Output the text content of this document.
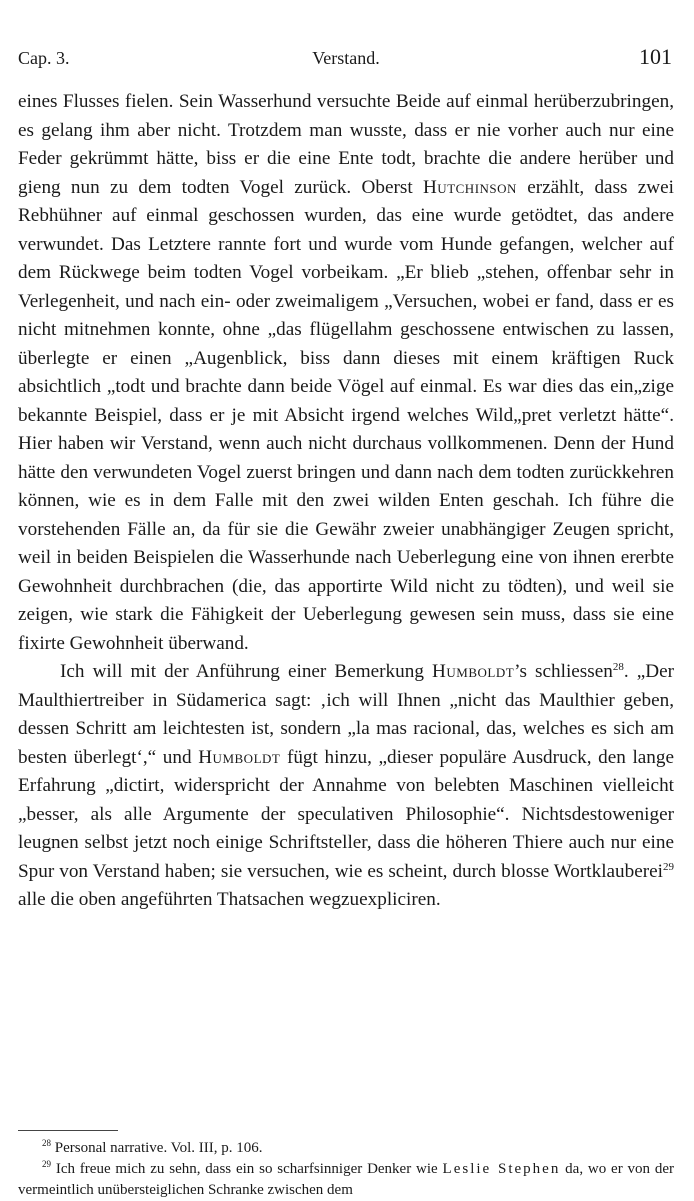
Cap. 3.	Verstand.	101

eines Flusses fielen. Sein Wasserhund versuchte Beide auf einmal herüberzubringen, es gelang ihm aber nicht. Trotzdem man wusste, dass er nie vorher auch nur eine Feder gekrümmt hätte, biss er die eine Ente todt, brachte die andere herüber und gieng nun zu dem todten Vogel zurück. Oberst Hutchinson erzählt, dass zwei Rebhühner auf einmal geschossen wurden, das eine wurde getödtet, das andere verwundet. Das Letztere rannte fort und wurde vom Hunde gefangen, welcher auf dem Rückwege beim todten Vogel vorbeikam. „Er blieb „stehen, offenbar sehr in Verlegenheit, und nach ein- oder zweimaligem „Versuchen, wobei er fand, dass er es nicht mitnehmen konnte, ohne „das flügellahm geschossene entwischen zu lassen, überlegte er einen „Augenblick, biss dann dieses mit einem kräftigen Ruck absichtlich „todt und brachte dann beide Vögel auf einmal. Es war dies das ein„zige bekannte Beispiel, dass er je mit Absicht irgend welches Wild„pret verletzt hätte“. Hier haben wir Verstand, wenn auch nicht durchaus vollkommenen. Denn der Hund hätte den verwundeten Vogel zuerst bringen und dann nach dem todten zurückkehren können, wie es in dem Falle mit den zwei wilden Enten geschah. Ich führe die vorstehenden Fälle an, da für sie die Gewähr zweier unabhängiger Zeugen spricht, weil in beiden Beispielen die Wasserhunde nach Ueberlegung eine von ihnen ererbte Gewohnheit durchbrachen (die, das apportirte Wild nicht zu tödten), und weil sie zeigen, wie stark die Fähigkeit der Ueberlegung gewesen sein muss, dass sie eine fixirte Gewohnheit überwand.

Ich will mit der Anführung einer Bemerkung Humboldt’s schliessen$^{28}$. „Der Maulthiertreiber in Südamerica sagt: ‚ich will Ihnen „nicht das Maulthier geben, dessen Schritt am leichtesten ist, sondern „la mas racional, das, welches es sich am besten überlegt‘,“ und Humboldt fügt hinzu, „dieser populäre Ausdruck, den lange Erfahrung „dictirt, widerspricht der Annahme von belebten Maschinen vielleicht „besser, als alle Argumente der speculativen Philosophie“. Nichtsdestoweniger leugnen selbst jetzt noch einige Schriftsteller, dass die höheren Thiere auch nur eine Spur von Verstand haben; sie versuchen, wie es scheint, durch blosse Wortklauberei$^{29}$ alle die oben angeführten Thatsachen wegzuexpliciren.

$^{28}$ Personal narrative. Vol. III, p. 106.

$^{29}$ Ich freue mich zu sehn, dass ein so scharfsinniger Denker wie Leslie Stephen da, wo er von der vermeintlich unübersteiglichen Schranke zwischen dem
